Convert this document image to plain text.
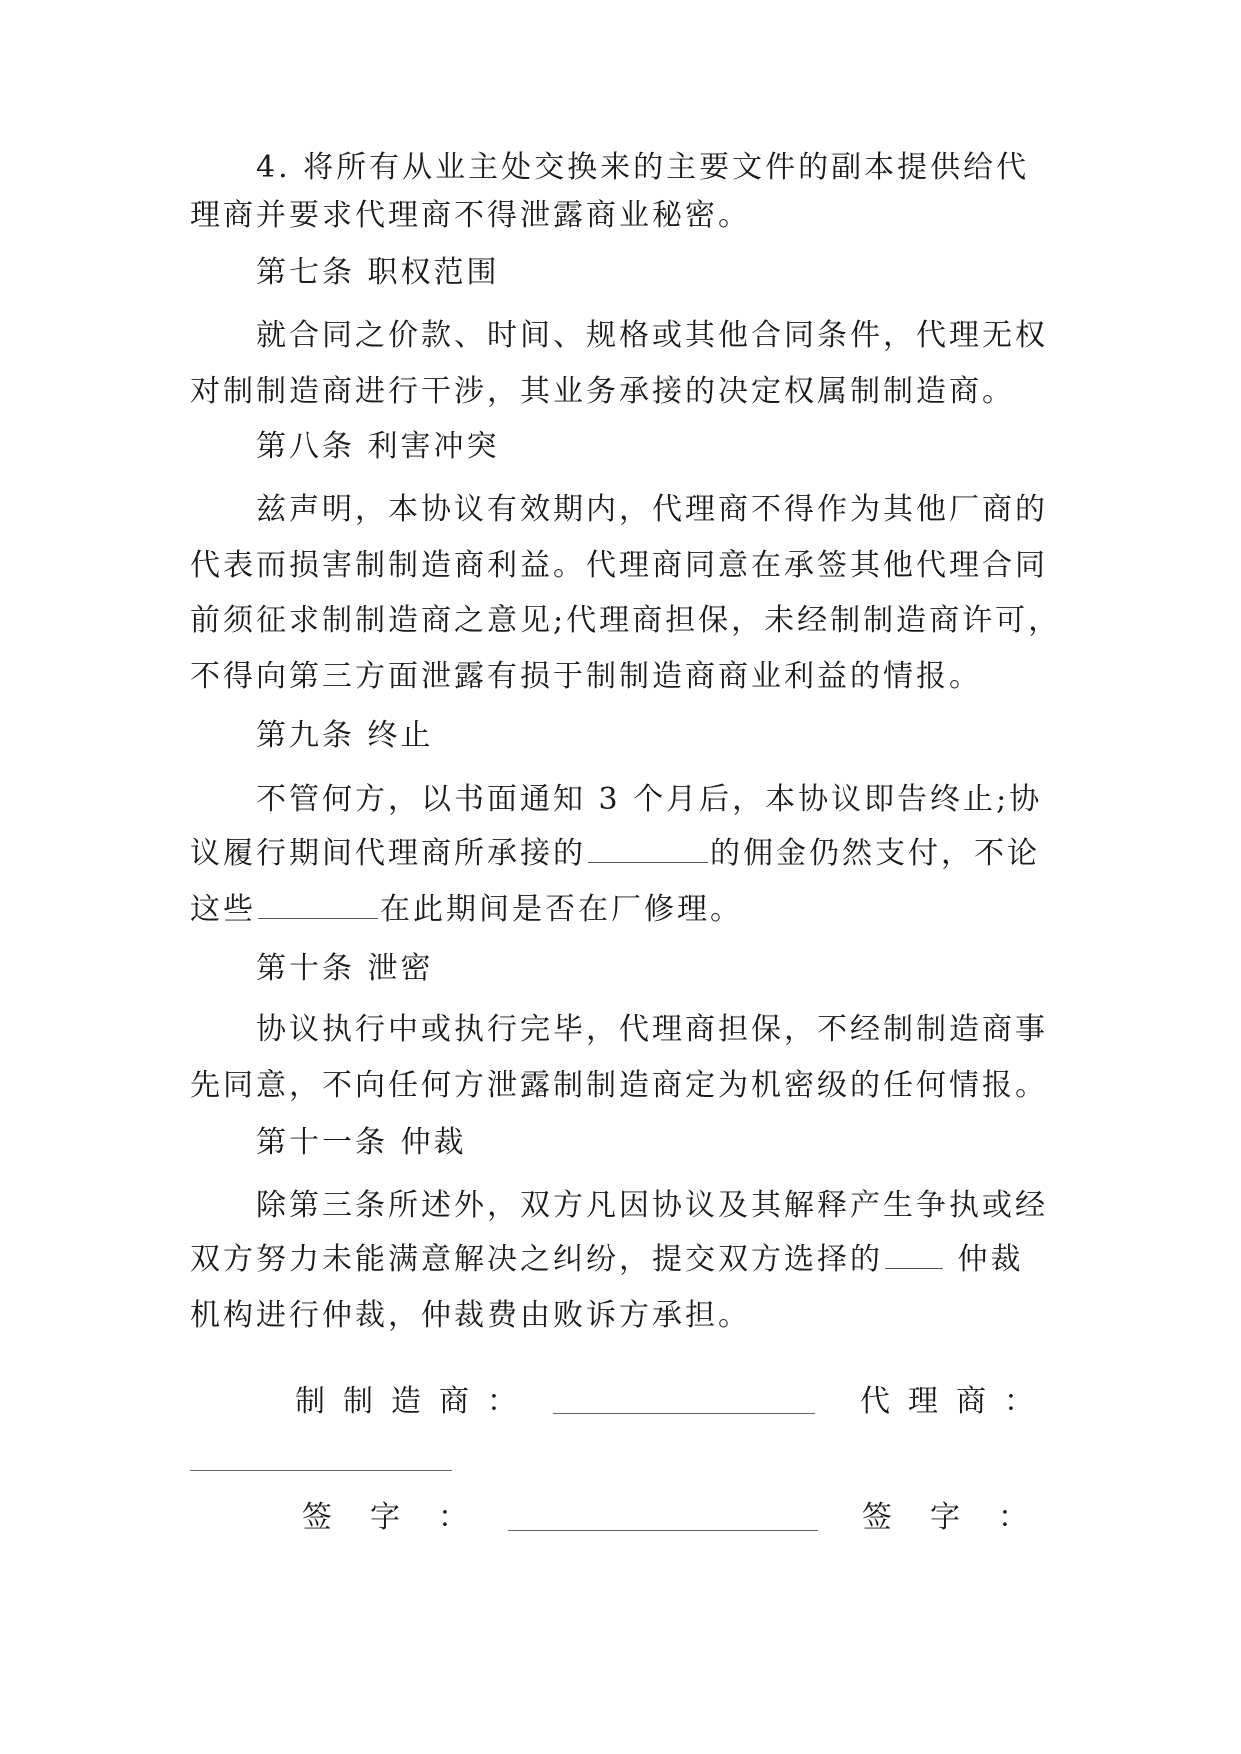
4. 将所有从业主处交换来的主要文件的副本提供给代
理商并要求代理商不得泄露商业秘密。
第七条 职权范围
就合同之价款、时间、规格或其他合同条件，代理无权
对制制造商进行干涉，其业务承接的决定权属制制造商。
第八条 利害冲突
兹声明，本协议有效期内，代理商不得作为其他厂商的
代表而损害制制造商利益。代理商同意在承签其他代理合同
前须征求制制造商之意见;代理商担保，未经制制造商许可，
不得向第三方面泄露有损于制制造商商业利益的情报。
第九条 终止
不管何方，以书面通知 3 个月后，本协议即告终止;协
议履行期间代理商所承接的	的佣金仍然支付，不论
这些	在此期间是否在厂修理。
第十条 泄密
协议执行中或执行完毕，代理商担保，不经制制造商事
先同意，不向任何方泄露制制造商定为机密级的任何情报。
第十一条 仲裁
除第三条所述外，双方凡因协议及其解释产生争执或经
双方努力未能满意解决之纠纷，提交双方选择的 仲裁
机构进行仲裁，仲裁费由败诉方承担。
制制造商：	代理商：
签字：	签字：
